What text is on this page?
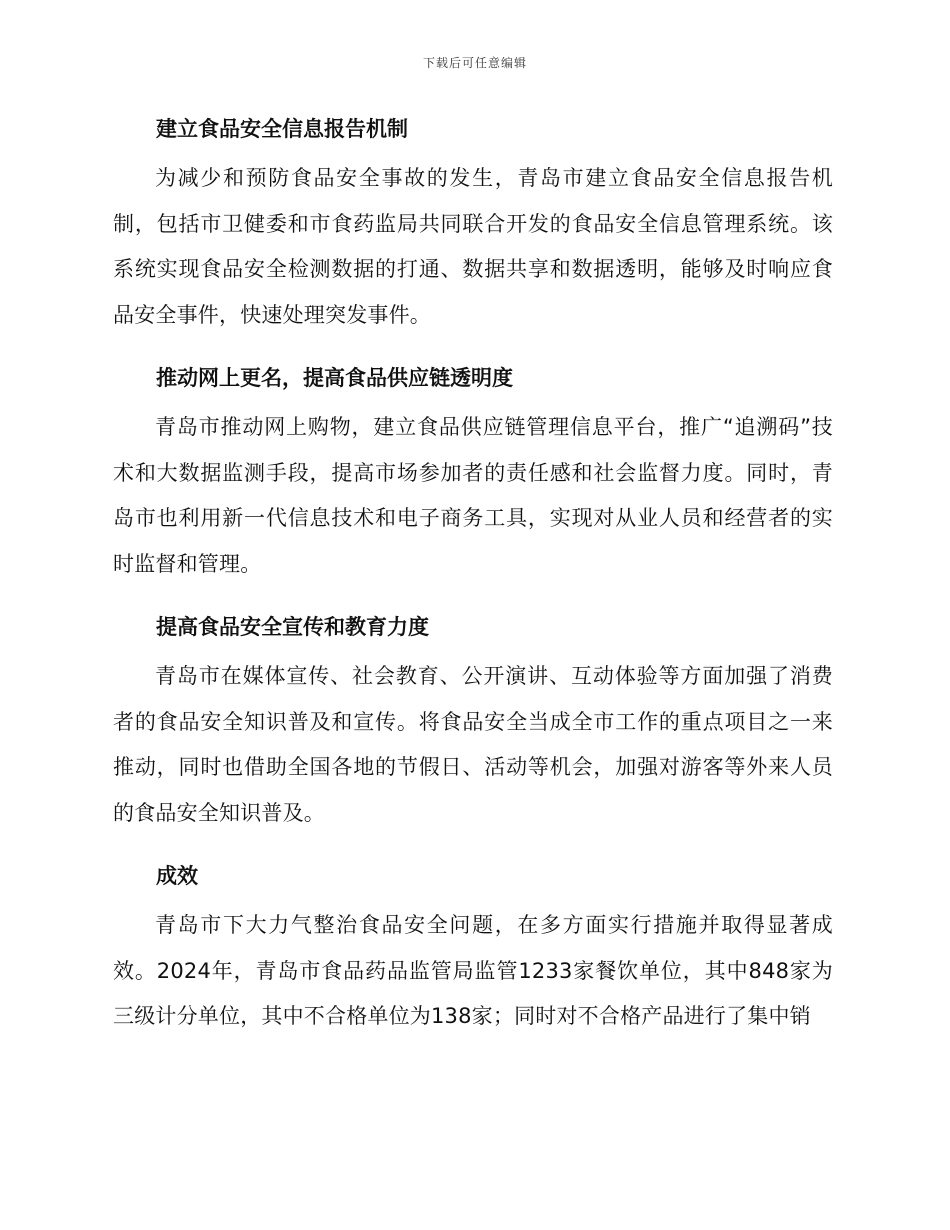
下载后可任意编辑
建立食品安全信息报告机制

为减少和预防食品安全事故的发生，青岛市建立食品安全信息报告机制，包括市卫健委和市食药监局共同联合开发的食品安全信息管理系统。该系统实现食品安全检测数据的打通、数据共享和数据透明，能够及时响应食品安全事件，快速处理突发事件。

推动网上更名，提高食品供应链透明度

青岛市推动网上购物，建立食品供应链管理信息平台，推广“追溯码”技术和大数据监测手段，提高市场参加者的责任感和社会监督力度。同时，青岛市也利用新一代信息技术和电子商务工具，实现对从业人员和经营者的实时监督和管理。

提高食品安全宣传和教育力度

青岛市在媒体宣传、社会教育、公开演讲、互动体验等方面加强了消费者的食品安全知识普及和宣传。将食品安全当成全市工作的重点项目之一来推动，同时也借助全国各地的节假日、活动等机会，加强对游客等外来人员的食品安全知识普及。

成效

青岛市下大力气整治食品安全问题，在多方面实行措施并取得显著成效。2024年，青岛市食品药品监管局监管1233家餐饮单位，其中848家为三级计分单位，其中不合格单位为138家；同时对不合格产品进行了集中销
